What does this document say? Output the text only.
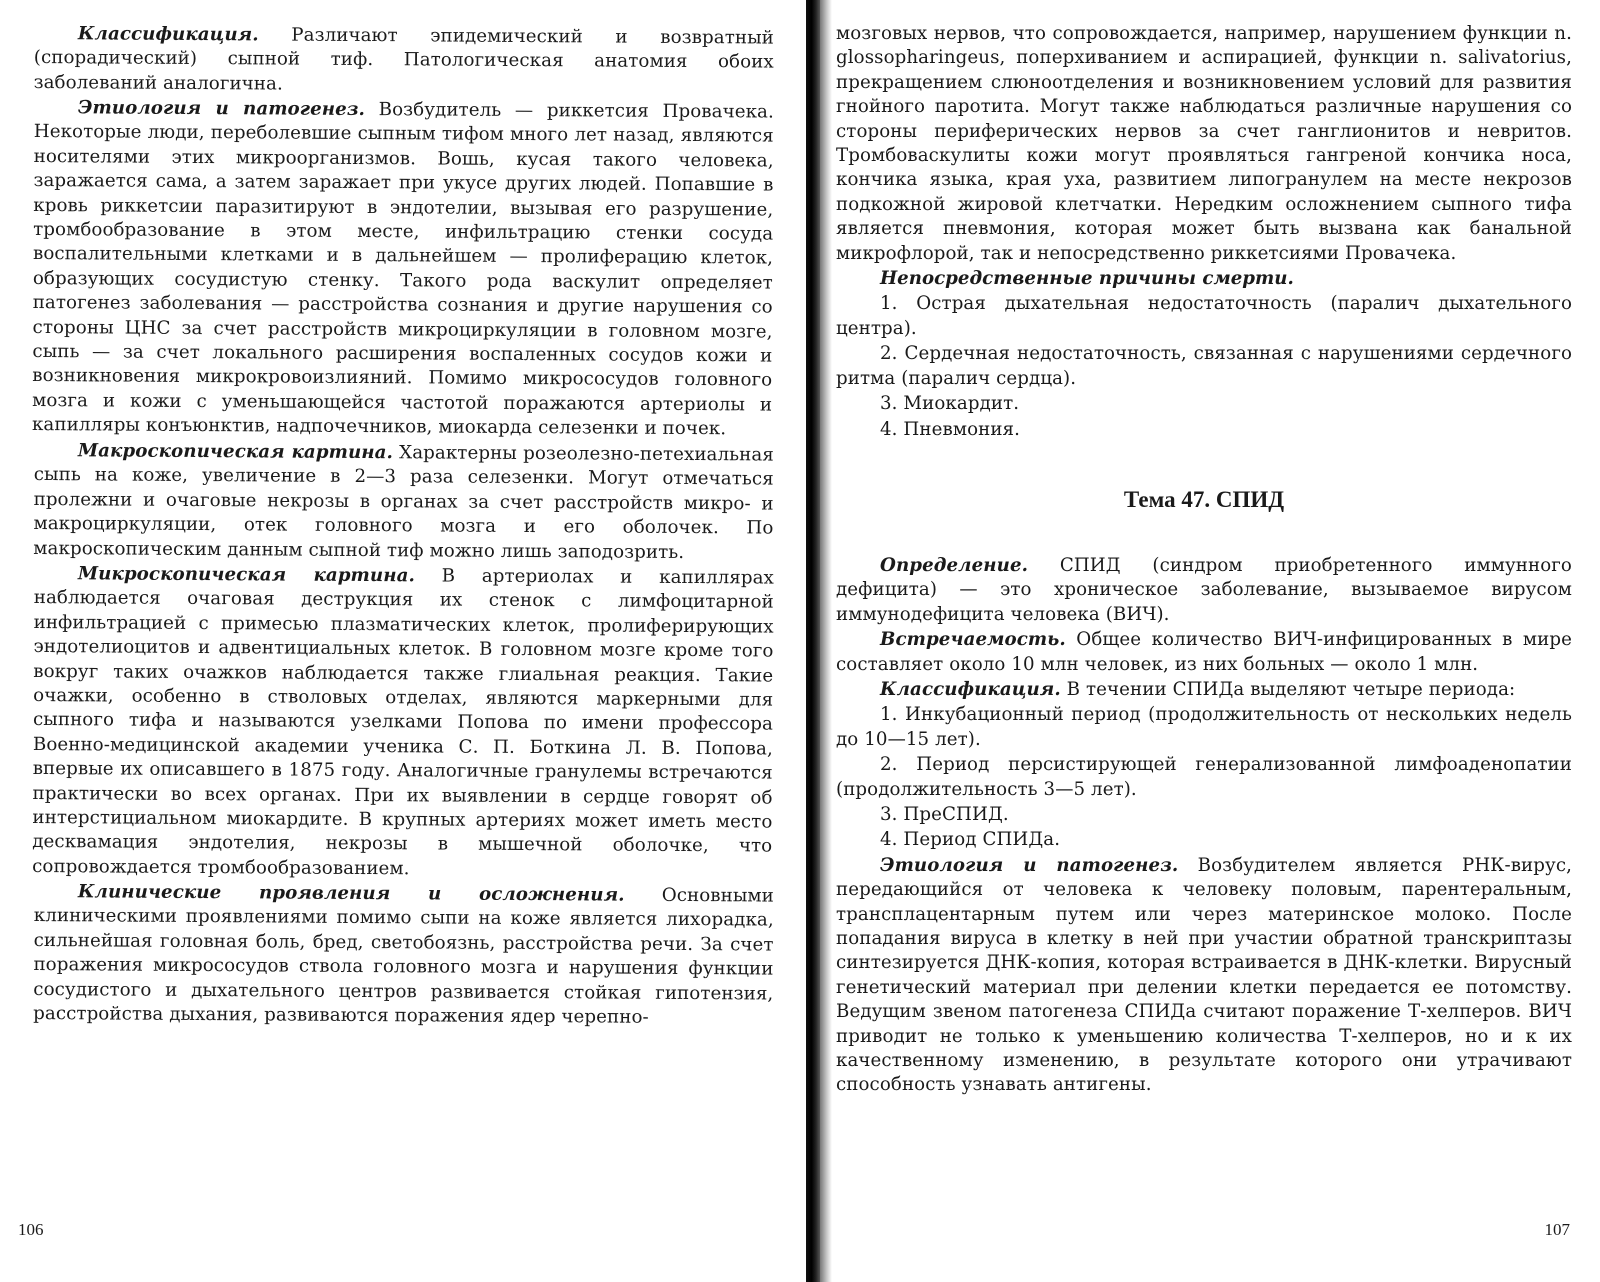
Классификация. Различают эпидемический и возвратный (спорадический) сыпной тиф. Патологическая анатомия обоих заболеваний аналогична.

Этиология и патогенез. Возбудитель — риккетсия Провачека. Некоторые люди, переболевшие сыпным тифом много лет назад, являются носителями этих микроорганизмов. Вошь, кусая такого человека, заражается сама, а затем заражает при укусе других людей. Попавшие в кровь риккетсии паразитируют в эндотелии, вызывая его разрушение, тромбообразование в этом месте, инфильтрацию стенки сосуда воспалительными клетками и в дальнейшем — пролиферацию клеток, образующих сосудистую стенку. Такого рода васкулит определяет патогенез заболевания — расстройства сознания и другие нарушения со стороны ЦНС за счет расстройств микроциркуляции в головном мозге, сыпь — за счет локального расширения воспаленных сосудов кожи и возникновения микрокровоизлияний. Помимо микрососудов головного мозга и кожи с уменьшающейся частотой поражаются артериолы и капилляры конъюнктив, надпочечников, миокарда селезенки и почек.

Макроскопическая картина. Характерны розеолезно-петехиальная сыпь на коже, увеличение в 2—3 раза селезенки. Могут отмечаться пролежни и очаговые некрозы в органах за счет расстройств микро- и макроциркуляции, отек головного мозга и его оболочек. По макроскопическим данным сыпной тиф можно лишь заподозрить.

Микроскопическая картина. В артериолах и капиллярах наблюдается очаговая деструкция их стенок с лимфоцитарной инфильтрацией с примесью плазматических клеток, пролиферирующих эндотелиоцитов и адвентициальных клеток. В головном мозге кроме того вокруг таких очажков наблюдается также глиальная реакция. Такие очажки, особенно в стволовых отделах, являются маркерными для сыпного тифа и называются узелками Попова по имени профессора Военно-медицинской академии ученика С. П. Боткина Л. В. Попова, впервые их описавшего в 1875 году. Аналогичные гранулемы встречаются практически во всех органах. При их выявлении в сердце говорят об интерстициальном миокардите. В крупных артериях может иметь место десквамация эндотелия, некрозы в мышечной оболочке, что сопровождается тромбообразованием.

Клинические проявления и осложнения. Основными клиническими проявлениями помимо сыпи на коже является лихорадка, сильнейшая головная боль, бред, светобоязнь, расстройства речи. За счет поражения микрососудов ствола головного мозга и нарушения функции сосудистого и дыхательного центров развивается стойкая гипотензия, расстройства дыхания, развиваются поражения ядер черепно-

106

мозговых нервов, что сопровождается, например, нарушением функции n. glossopharingeus, поперхиванием и аспирацией, функции n. salivatorius, прекращением слюноотделения и возникновением условий для развития гнойного паротита. Могут также наблюдаться различные нарушения со стороны периферических нервов за счет ганглионитов и невритов. Тромбоваскулиты кожи могут проявляться гангреной кончика носа, кончика языка, края уха, развитием липогранулем на месте некрозов подкожной жировой клетчатки. Нередким осложнением сыпного тифа является пневмония, которая может быть вызвана как банальной микрофлорой, так и непосредственно риккетсиями Провачека.

Непосредственные причины смерти.

1. Острая дыхательная недостаточность (паралич дыхательного центра).

2. Сердечная недостаточность, связанная с нарушениями сердечного ритма (паралич сердца).

3. Миокардит.

4. Пневмония.

Тема 47. СПИД

Определение. СПИД (синдром приобретенного иммунного дефицита) — это хроническое заболевание, вызываемое вирусом иммунодефицита человека (ВИЧ).

Встречаемость. Общее количество ВИЧ-инфицированных в мире составляет около 10 млн человек, из них больных — около 1 млн.

Классификация. В течении СПИДа выделяют четыре периода:

1. Инкубационный период (продолжительность от нескольких недель до 10—15 лет).

2. Период персистирующей генерализованной лимфоаденопатии (продолжительность 3—5 лет).

3. ПреСПИД.

4. Период СПИДа.

Этиология и патогенез. Возбудителем является РНК-вирус, передающийся от человека к человеку половым, парентеральным, трансплацентарным путем или через материнское молоко. После попадания вируса в клетку в ней при участии обратной транскриптазы синтезируется ДНК-копия, которая встраивается в ДНК-клетки. Вирусный генетический материал при делении клетки передается ее потомству. Ведущим звеном патогенеза СПИДа считают поражение Т-хелперов. ВИЧ приводит не только к уменьшению количества Т-хелперов, но и к их качественному изменению, в результате которого они утрачивают способность узнавать антигены.

107
